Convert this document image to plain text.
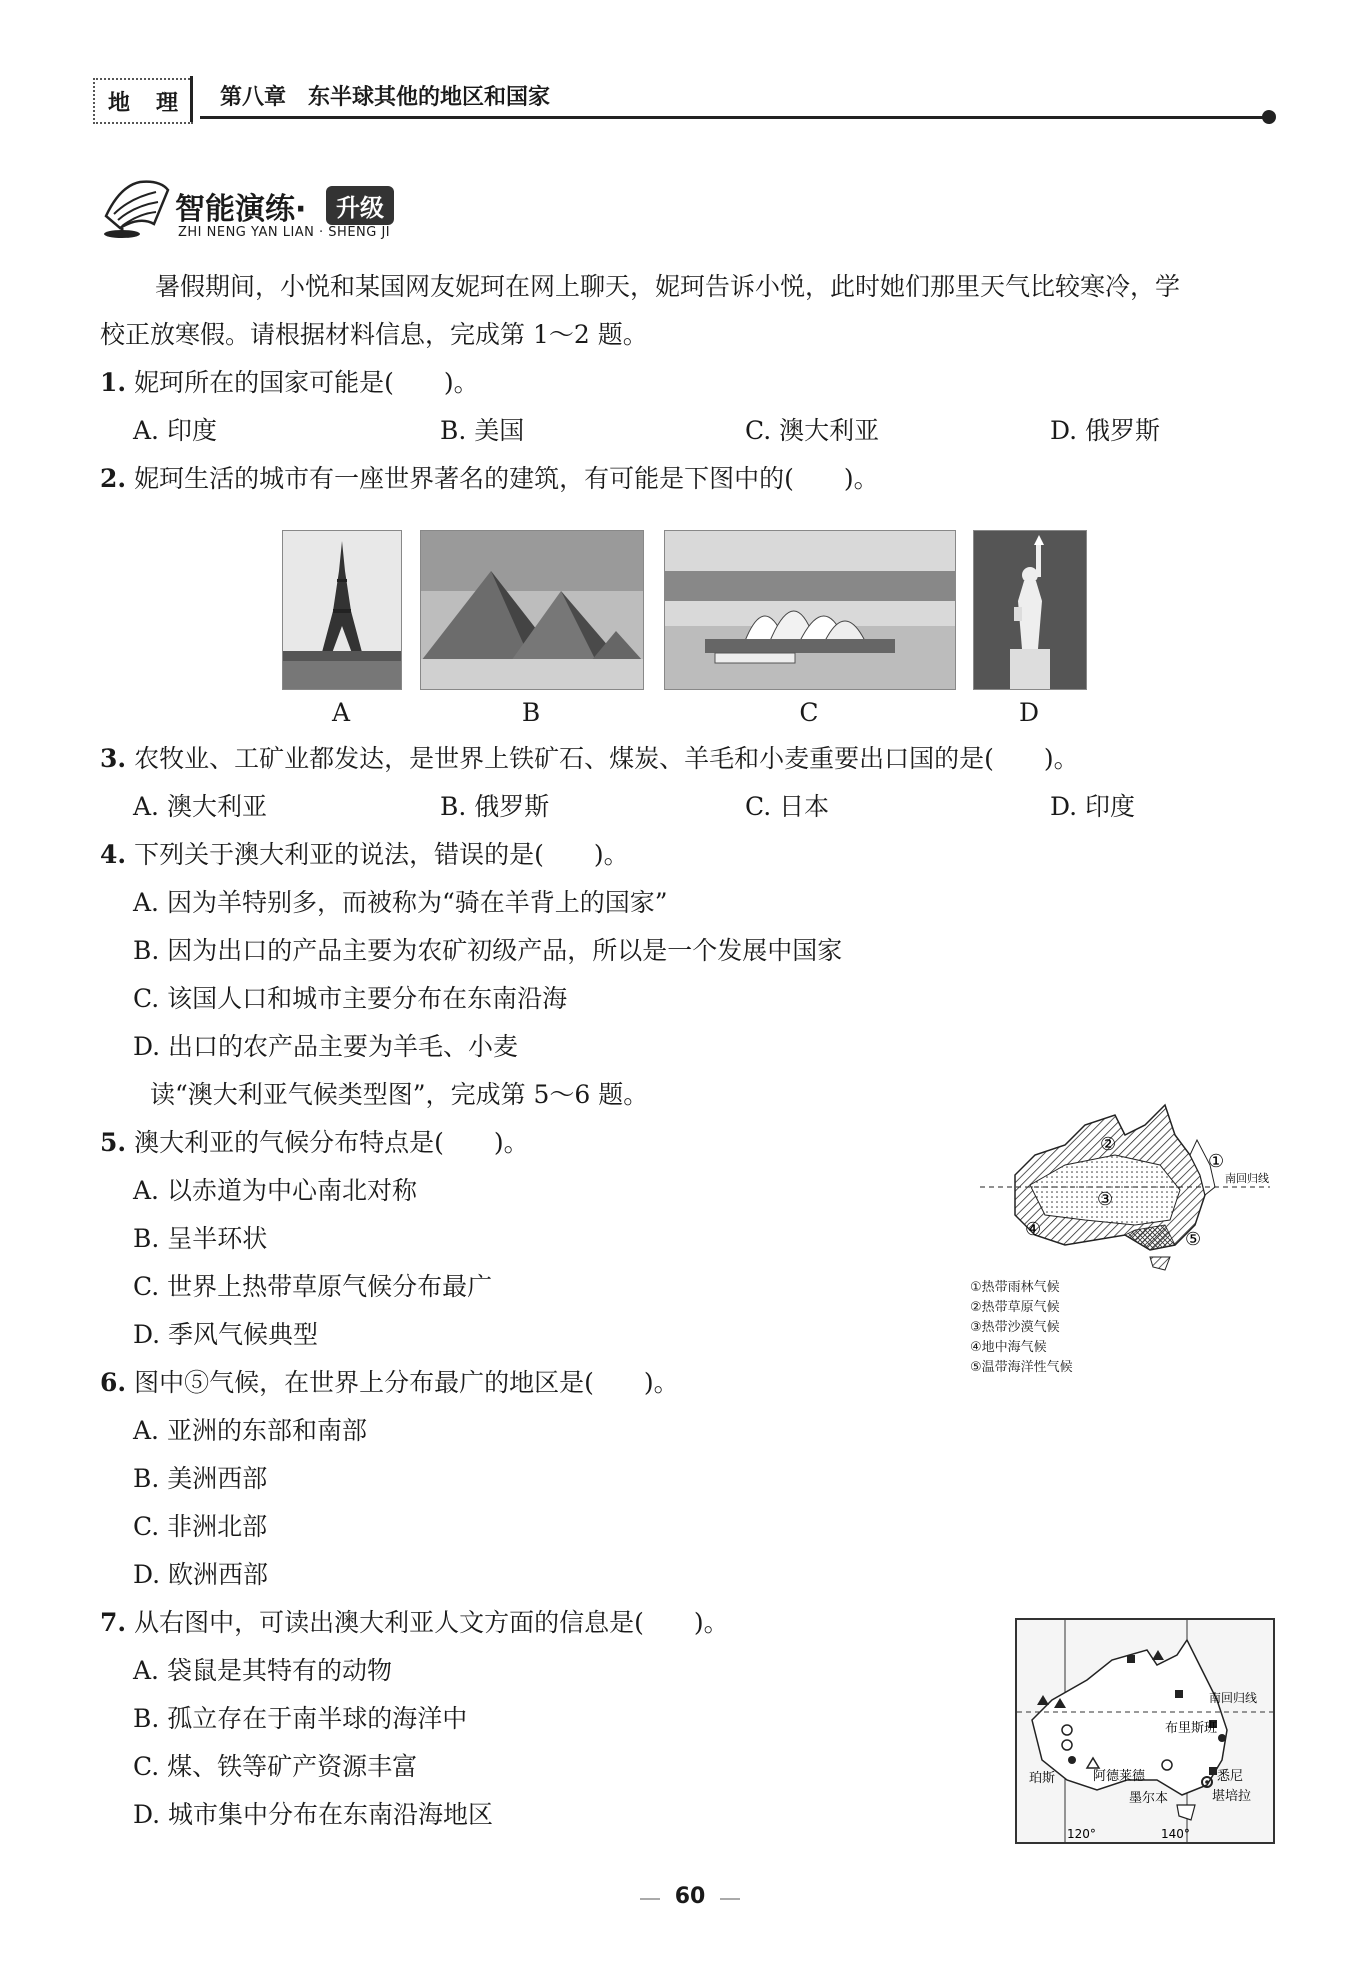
地 理 第八章　东半球其他的地区和国家
智能演练·	升级
ZHI NENG YAN LIAN · SHENG JI
暑假期间，小悦和某国网友妮珂在网上聊天，妮珂告诉小悦，此时她们那里天气比较寒冷，学
校正放寒假。请根据材料信息，完成第 1～2 题。
1. 妮珂所在的国家可能是(　　)。
A. 印度	B. 美国	C. 澳大利亚	D. 俄罗斯
2. 妮珂生活的城市有一座世界著名的建筑，有可能是下图中的(　　)。
A	B	C	D
3. 农牧业、工矿业都发达，是世界上铁矿石、煤炭、羊毛和小麦重要出口国的是(　　)。
A. 澳大利亚	B. 俄罗斯	C. 日本	D. 印度
4. 下列关于澳大利亚的说法，错误的是(　　)。
A. 因为羊特别多，而被称为“骑在羊背上的国家”
B. 因为出口的产品主要为农矿初级产品，所以是一个发展中国家
C. 该国人口和城市主要分布在东南沿海
D. 出口的农产品主要为羊毛、小麦
读“澳大利亚气候类型图”，完成第 5～6 题。
5. 澳大利亚的气候分布特点是(　　)。
A. 以赤道为中心南北对称
B. 呈半环状
C. 世界上热带草原气候分布最广
D. 季风气候典型
6. 图中⑤气候，在世界上分布最广的地区是(　　)。
A. 亚洲的东部和南部
B. 美洲西部
C. 非洲北部
D. 欧洲西部
7. 从右图中，可读出澳大利亚人文方面的信息是(　　)。
A. 袋鼠是其特有的动物
B. 孤立存在于南半球的海洋中
C. 煤、铁等矿产资源丰富
D. 城市集中分布在东南沿海地区
南回归线
①
②
③
④	⑤
①热带雨林气候
②热带草原气候
③热带沙漠气候
④地中海气候
⑤温带海洋性气候
南回归线
布里斯班
珀斯	阿德莱德	悉尼
墨尔本	堪培拉
120°	140°
60
